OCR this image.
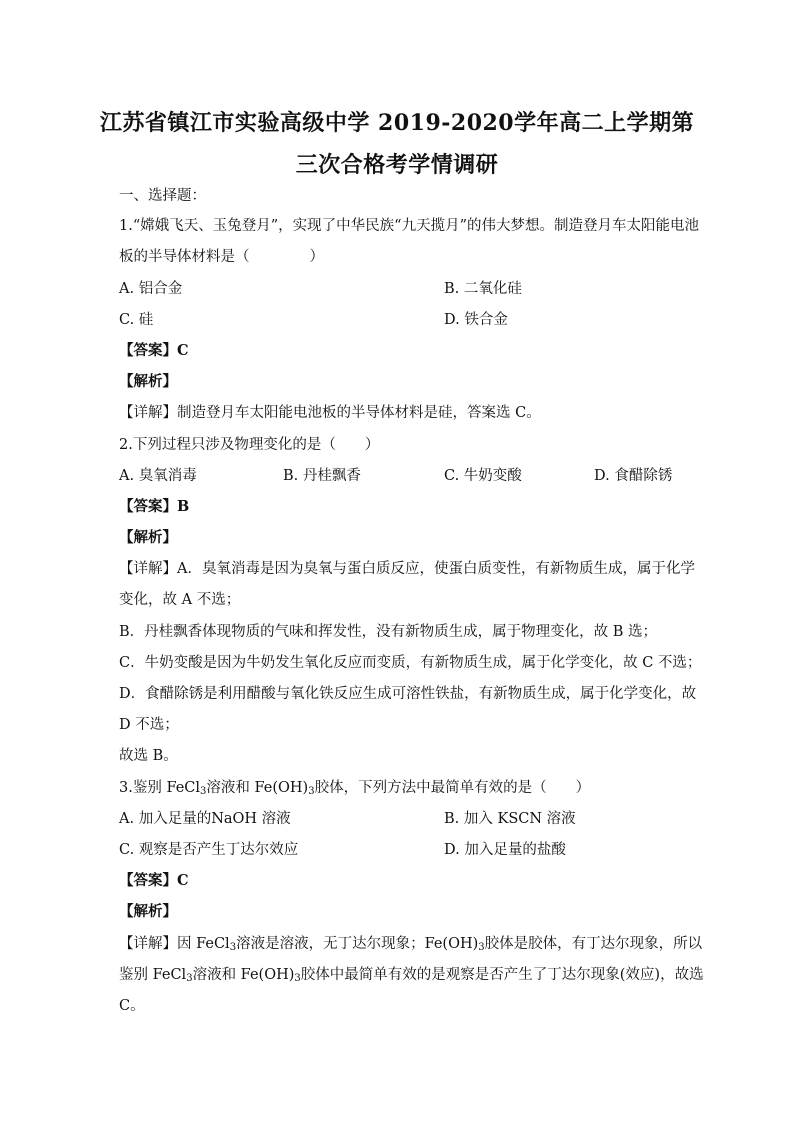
江苏省镇江市实验高级中学 2019-2020学年高二上学期第
三次合格考学情调研
一、选择题：
1.“嫦娥飞天、玉兔登月”，实现了中华民族“九天揽月”的伟大梦想。制造登月车太阳能电池
板的半导体材料是（	）
A. 铝合金	B. 二氧化硅
C. 硅	D. 铁合金
【答案】C
【解析】
【详解】制造登月车太阳能电池板的半导体材料是硅，答案选 C。
2.下列过程只涉及物理变化的是（　　）
A. 臭氧消毒	B. 丹桂飘香	C. 牛奶变酸	D. 食醋除锈
【答案】B
【解析】
【详解】A．臭氧消毒是因为臭氧与蛋白质反应，使蛋白质变性，有新物质生成，属于化学
变化，故 A 不选；
B．丹桂飘香体现物质的气味和挥发性，没有新物质生成，属于物理变化，故 B 选；
C．牛奶变酸是因为牛奶发生氧化反应而变质，有新物质生成，属于化学变化，故 C 不选；
D．食醋除锈是利用醋酸与氧化铁反应生成可溶性铁盐，有新物质生成，属于化学变化，故
D 不选；
故选 B。
3.鉴别 FeCl$_3$溶液和 $Fe(OH)_3$胶体，下列方法中最简单有效的是（　　）
A. 加入足量的NaOH 溶液	B. 加入 KSCN 溶液
C. 观察是否产生丁达尔效应	D. 加入足量的盐酸
【答案】C
【解析】
【详解】因 FeCl$_3$溶液是溶液，无丁达尔现象；$Fe(OH)_3$胶体是胶体，有丁达尔现象，所以
鉴别 FeCl$_3$溶液和 $Fe(OH)_3$胶体中最简单有效的是观察是否产生了丁达尔现象(效应)，故选
C。
